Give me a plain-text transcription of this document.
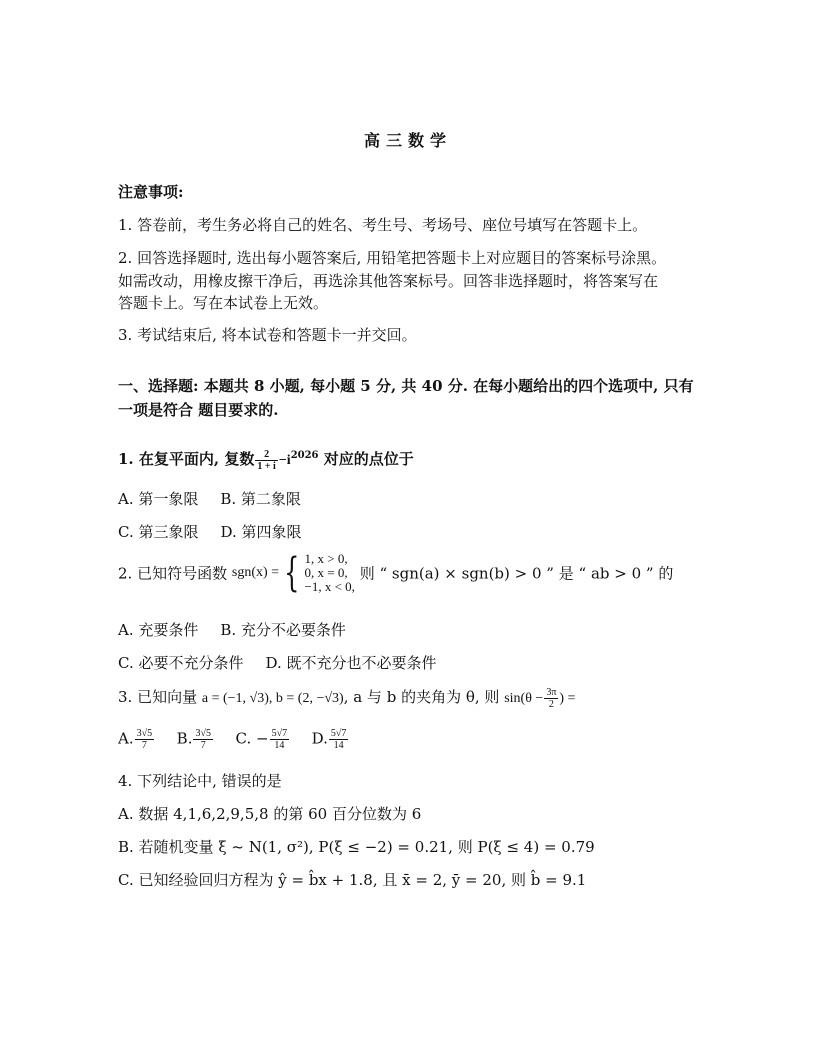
高三数学
注意事项:
1. 答卷前，考生务必将自己的姓名、考生号、考场号、座位号填写在答题卡上。
2. 回答选择题时, 选出每小题答案后, 用铅笔把答题卡上对应题目的答案标号涂黑。
如需改动，用橡皮擦干净后，再选涂其他答案标号。回答非选择题时，将答案写在
答题卡上。写在本试卷上无效。
3. 考试结束后, 将本试卷和答题卡一并交回。
一、选择题: 本题共 8 小题, 每小题 5 分, 共 40 分. 在每小题给出的四个选项中, 只有
一项是符合 题目要求的.
1. 在复平面内, 复数 $\frac{2}{1 + i} -i^{2026}$ 对应的点位于
A. 第一象限 B. 第二象限
C. 第三象限 D. 第四象限
2. 已知符号函数 sgn(x) = { 1, x > 0,
0, x = 0,
−1, x < 0,
则 “ sgn(a) × sgn(b) > 0 ” 是 “ ab > 0 ” 的
A. 充要条件 B. 充分不必要条件
C. 必要不充分条件 D. 既不充分也不必要条件
3. 已知向量 a = (−1, √3), b = (2, −√3), a 与 b 的夹角为 θ, 则 $\sin(\theta - \frac{3\pi}{2}$ ) =
A. $\frac{3√5}{7} B$. $\frac{3√5}{7} C$. − $\frac{5√7}{14} D$. $\frac{5√7}{14}$
4. 下列结论中, 错误的是
A. 数据 4,1,6,2,9,5,8 的第 60 百分位数为 6
B. 若随机变量 ξ ~ N(1, σ²), P(ξ ≤ −2) = 0.21, 则 P(ξ ≤ 4) = 0.79
C. 已知经验回归方程为 ŷ = b̂x + 1.8, 且 x̄ = 2, ȳ = 20, 则 b̂ = 9.1
